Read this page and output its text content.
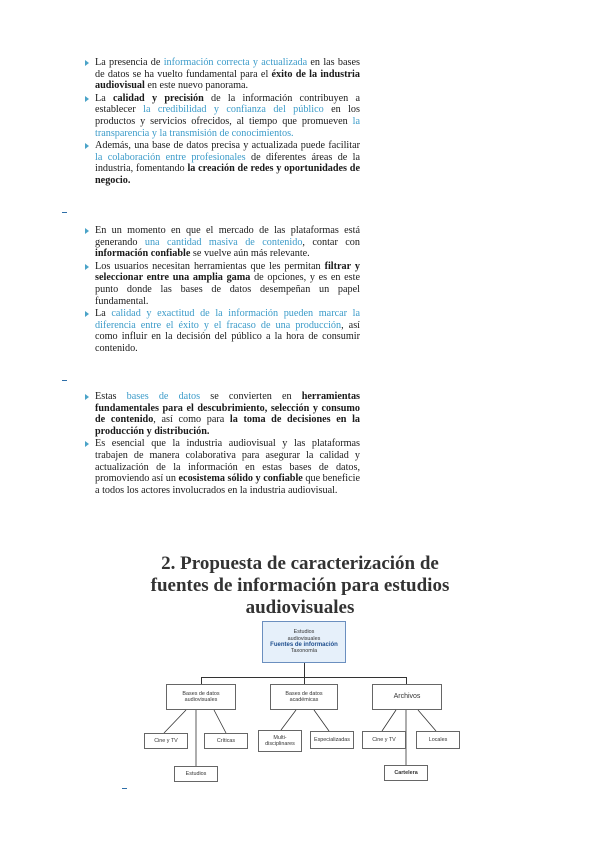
La presencia de información correcta y actualizada en las bases de datos se ha vuelto fundamental para el éxito de la industria audiovisual en este nuevo panorama.
La calidad y precisión de la información contribuyen a establecer la credibilidad y confianza del público en los productos y servicios ofrecidos, al tiempo que promueven la transparencia y la transmisión de conocimientos.
Además, una base de datos precisa y actualizada puede facilitar la colaboración entre profesionales de diferentes áreas de la industria, fomentando la creación de redes y oportunidades de negocio.
En un momento en que el mercado de las plataformas está generando una cantidad masiva de contenido, contar con información confiable se vuelve aún más relevante.
Los usuarios necesitan herramientas que les permitan filtrar y seleccionar entre una amplia gama de opciones, y es en este punto donde las bases de datos desempeñan un papel fundamental.
La calidad y exactitud de la información pueden marcar la diferencia entre el éxito y el fracaso de una producción, así como influir en la decisión del público a la hora de consumir contenido.
Estas bases de datos se convierten en herramientas fundamentales para el descubrimiento, selección y consumo de contenido, así como para la toma de decisiones en la producción y distribución.
Es esencial que la industria audiovisual y las plataformas trabajen de manera colaborativa para asegurar la calidad y actualización de la información en estas bases de datos, promoviendo así un ecosistema sólido y confiable que beneficie a todos los actores involucrados en la industria audiovisual.
2. Propuesta de caracterización de fuentes de información para estudios audiovisuales
Estudios
audiovisuales
Fuentes de información
Taxonomía
Bases de datos audiovisuales
Bases de datos académicas
Archivos
Cine y TV	Críticas
Multi-disciplinares
Especializadas	Cine y TV	Locales
Estudios	Cartelera
